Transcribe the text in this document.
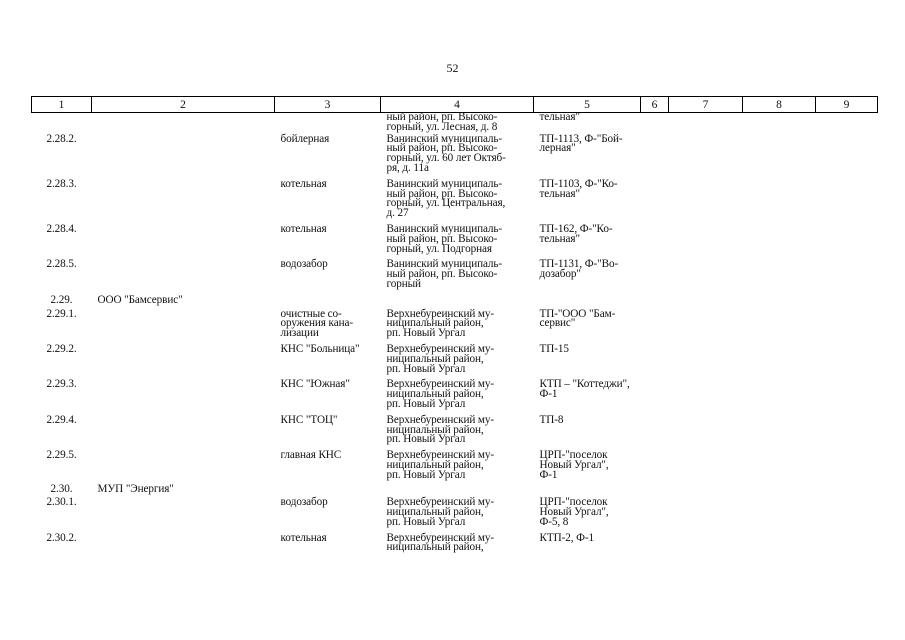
52
1	2	3	4	5	6	7	8	9
			ный район, рп. Высоко-
горный, ул. Лесная, д. 8	тельная"				
2.28.2.		бойлерная	Ванинский муниципаль-
ный район, рп. Высоко-
горный, ул. 60 лет Октяб-
ря, д. 11а	ТП-1113, Ф-"Бой-
лерная"				
2.28.3.		котельная	Ванинский муниципаль-
ный район, рп. Высоко-
горный, ул. Центральная,
д. 27	ТП-1103, Ф-"Ко-
тельная"				
2.28.4.		котельная	Ванинский муниципаль-
ный район, рп. Высоко-
горный, ул. Подгорная	ТП-162, Ф-"Ко-
тельная"				
2.28.5.		водозабор	Ванинский муниципаль-
ный район, рп. Высоко-
горный	ТП-1131, Ф-"Во-
дозабор"				
2.29.	ООО "Бамсервис"							
2.29.1.		очистные со-
оружения кана-
лизации	Верхнебуреинский му-
ниципальный район,
рп. Новый Ургал	ТП-"ООО "Бам-
сервис"				
2.29.2.		КНС "Больница"	Верхнебуреинский му-
ниципальный район,
рп. Новый Ургал	ТП-15				
2.29.3.		КНС "Южная"	Верхнебуреинский му-
ниципальный район,
рп. Новый Ургал	КТП – "Коттеджи",
Ф-1				
2.29.4.		КНС "ТОЦ"	Верхнебуреинский му-
ниципальный район,
рп. Новый Ургал	ТП-8				
2.29.5.		главная КНС	Верхнебуреинский му-
ниципальный район,
рп. Новый Ургал	ЦРП-"поселок
Новый Ургал",
Ф-1				
2.30.	МУП "Энергия"							
2.30.1.		водозабор	Верхнебуреинский му-
ниципальный район,
рп. Новый Ургал	ЦРП-"поселок
Новый Ургал",
Ф-5, 8				
2.30.2.		котельная	Верхнебуреинский му-
ниципальный район,	КТП-2, Ф-1				
